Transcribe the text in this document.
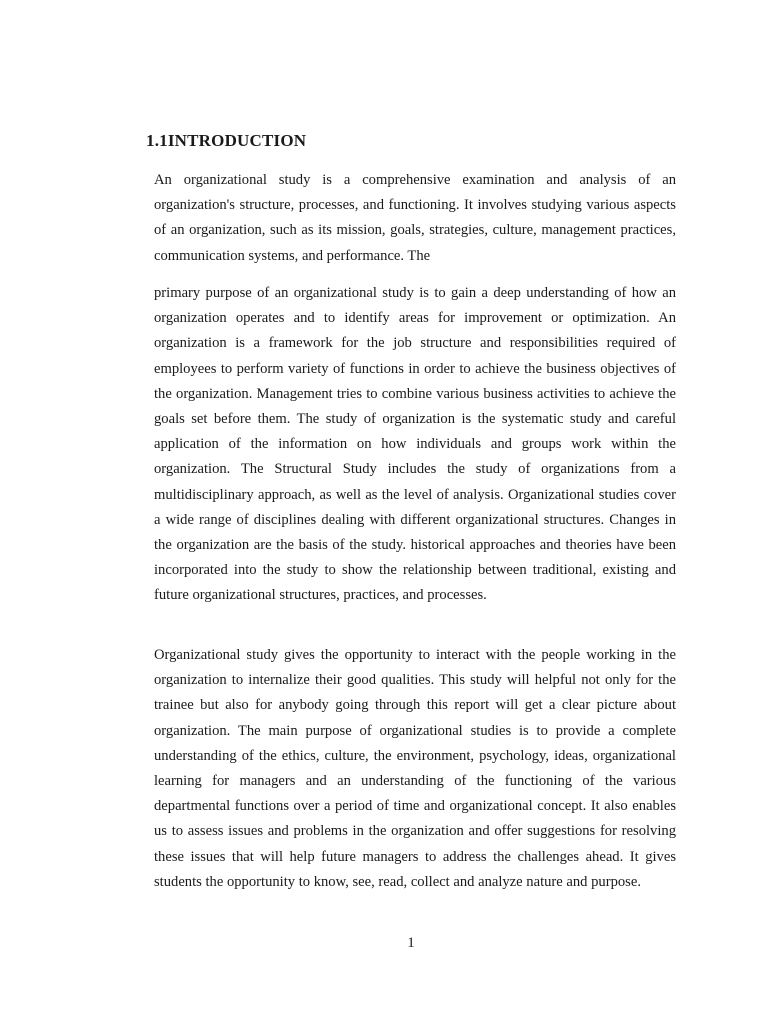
1.1INTRODUCTION

An organizational study is a comprehensive examination and analysis of an organization's structure, processes, and functioning. It involves studying various aspects of an organization, such as its mission, goals, strategies, culture, management practices, communication systems, and performance. The

primary purpose of an organizational study is to gain a deep understanding of how an organization operates and to identify areas for improvement or optimization. An organization is a framework for the job structure and responsibilities required of employees to perform variety of functions in order to achieve the business objectives of the organization. Management tries to combine various business activities to achieve the goals set before them. The study of organization is the systematic study and careful application of the information on how individuals and groups work within the organization. The Structural Study includes the study of organizations from a multidisciplinary approach, as well as the level of analysis. Organizational studies cover a wide range of disciplines dealing with different organizational structures. Changes in the organization are the basis of the study. historical approaches and theories have been incorporated into the study to show the relationship between traditional, existing and future organizational structures, practices, and processes.

Organizational study gives the opportunity to interact with the people working in the organization to internalize their good qualities. This study will helpful not only for the trainee but also for anybody going through this report will get a clear picture about organization. The main purpose of organizational studies is to provide a complete understanding of the ethics, culture, the environment, psychology, ideas, organizational learning for managers and an understanding of the functioning of the various departmental functions over a period of time and organizational concept. It also enables us to assess issues and problems in the organization and offer suggestions for resolving these issues that will help future managers to address the challenges ahead. It gives students the opportunity to know, see, read, collect and analyze nature and purpose.

1
